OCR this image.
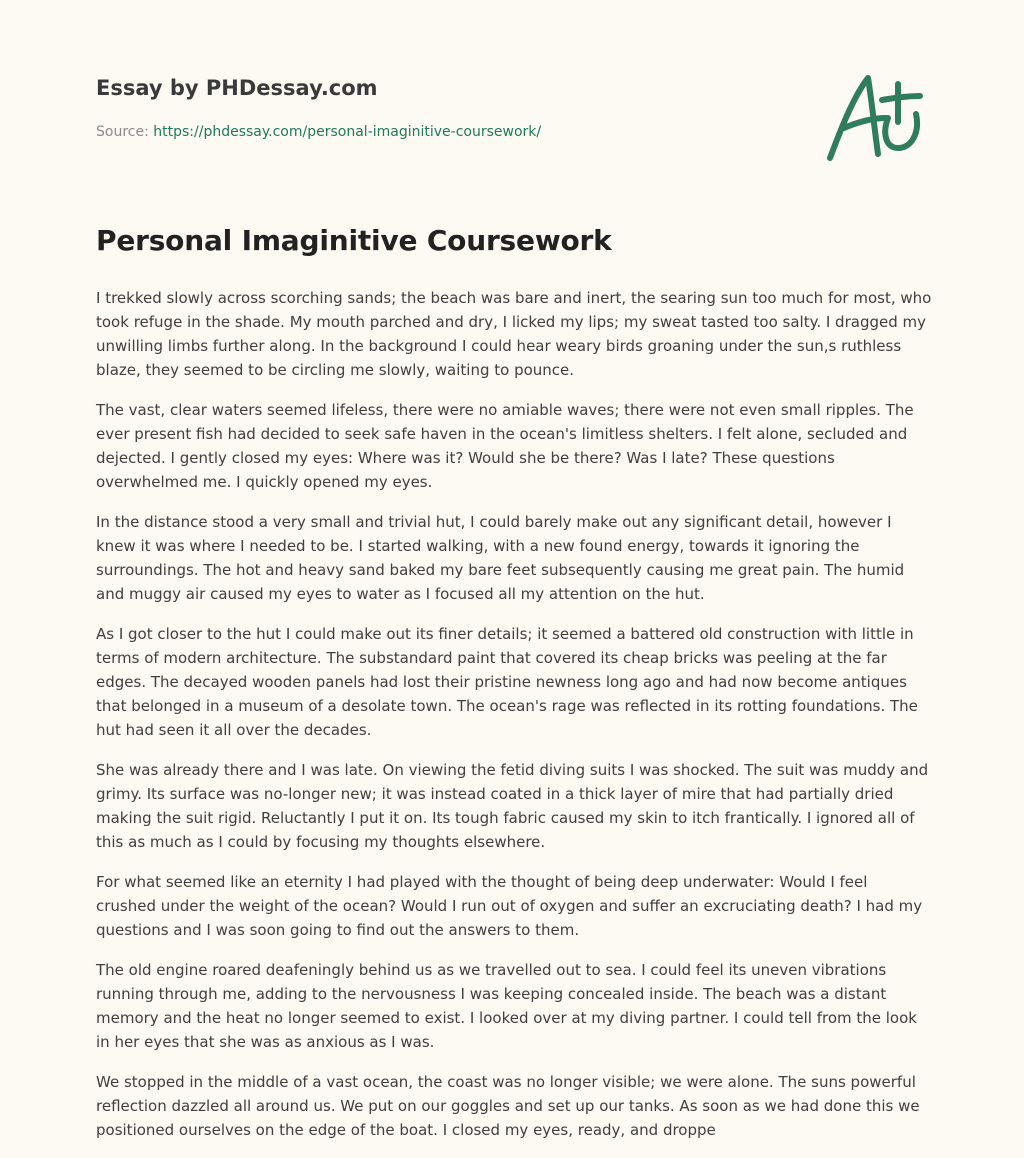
Essay by PHDessay.com
Source: https://phdessay.com/personal-imaginitive-coursework/
Personal Imaginitive Coursework

I trekked slowly across scorching sands; the beach was bare and inert, the searing sun too much for most, who took refuge in the shade. My mouth parched and dry, I licked my lips; my sweat tasted too salty. I dragged my unwilling limbs further along. In the background I could hear weary birds groaning under the sun,s ruthless blaze, they seemed to be circling me slowly, waiting to pounce.

The vast, clear waters seemed lifeless, there were no amiable waves; there were not even small ripples. The ever present fish had decided to seek safe haven in the ocean's limitless shelters. I felt alone, secluded and dejected. I gently closed my eyes: Where was it? Would she be there? Was I late? These questions overwhelmed me. I quickly opened my eyes.

In the distance stood a very small and trivial hut, I could barely make out any significant detail, however I knew it was where I needed to be. I started walking, with a new found energy, towards it ignoring the surroundings. The hot and heavy sand baked my bare feet subsequently causing me great pain. The humid and muggy air caused my eyes to water as I focused all my attention on the hut.

As I got closer to the hut I could make out its finer details; it seemed a battered old construction with little in terms of modern architecture. The substandard paint that covered its cheap bricks was peeling at the far edges. The decayed wooden panels had lost their pristine newness long ago and had now become antiques that belonged in a museum of a desolate town. The ocean's rage was reflected in its rotting foundations. The hut had seen it all over the decades.

She was already there and I was late. On viewing the fetid diving suits I was shocked. The suit was muddy and grimy. Its surface was no-longer new; it was instead coated in a thick layer of mire that had partially dried making the suit rigid. Reluctantly I put it on. Its tough fabric caused my skin to itch frantically. I ignored all of this as much as I could by focusing my thoughts elsewhere.

For what seemed like an eternity I had played with the thought of being deep underwater: Would I feel crushed under the weight of the ocean? Would I run out of oxygen and suffer an excruciating death? I had my questions and I was soon going to find out the answers to them.

The old engine roared deafeningly behind us as we travelled out to sea. I could feel its uneven vibrations running through me, adding to the nervousness I was keeping concealed inside. The beach was a distant memory and the heat no longer seemed to exist. I looked over at my diving partner. I could tell from the look in her eyes that she was as anxious as I was.

We stopped in the middle of a vast ocean, the coast was no longer visible; we were alone. The suns powerful reflection dazzled all around us. We put on our goggles and set up our tanks. As soon as we had done this we positioned ourselves on the edge of the boat. I closed my eyes, ready, and droppe
